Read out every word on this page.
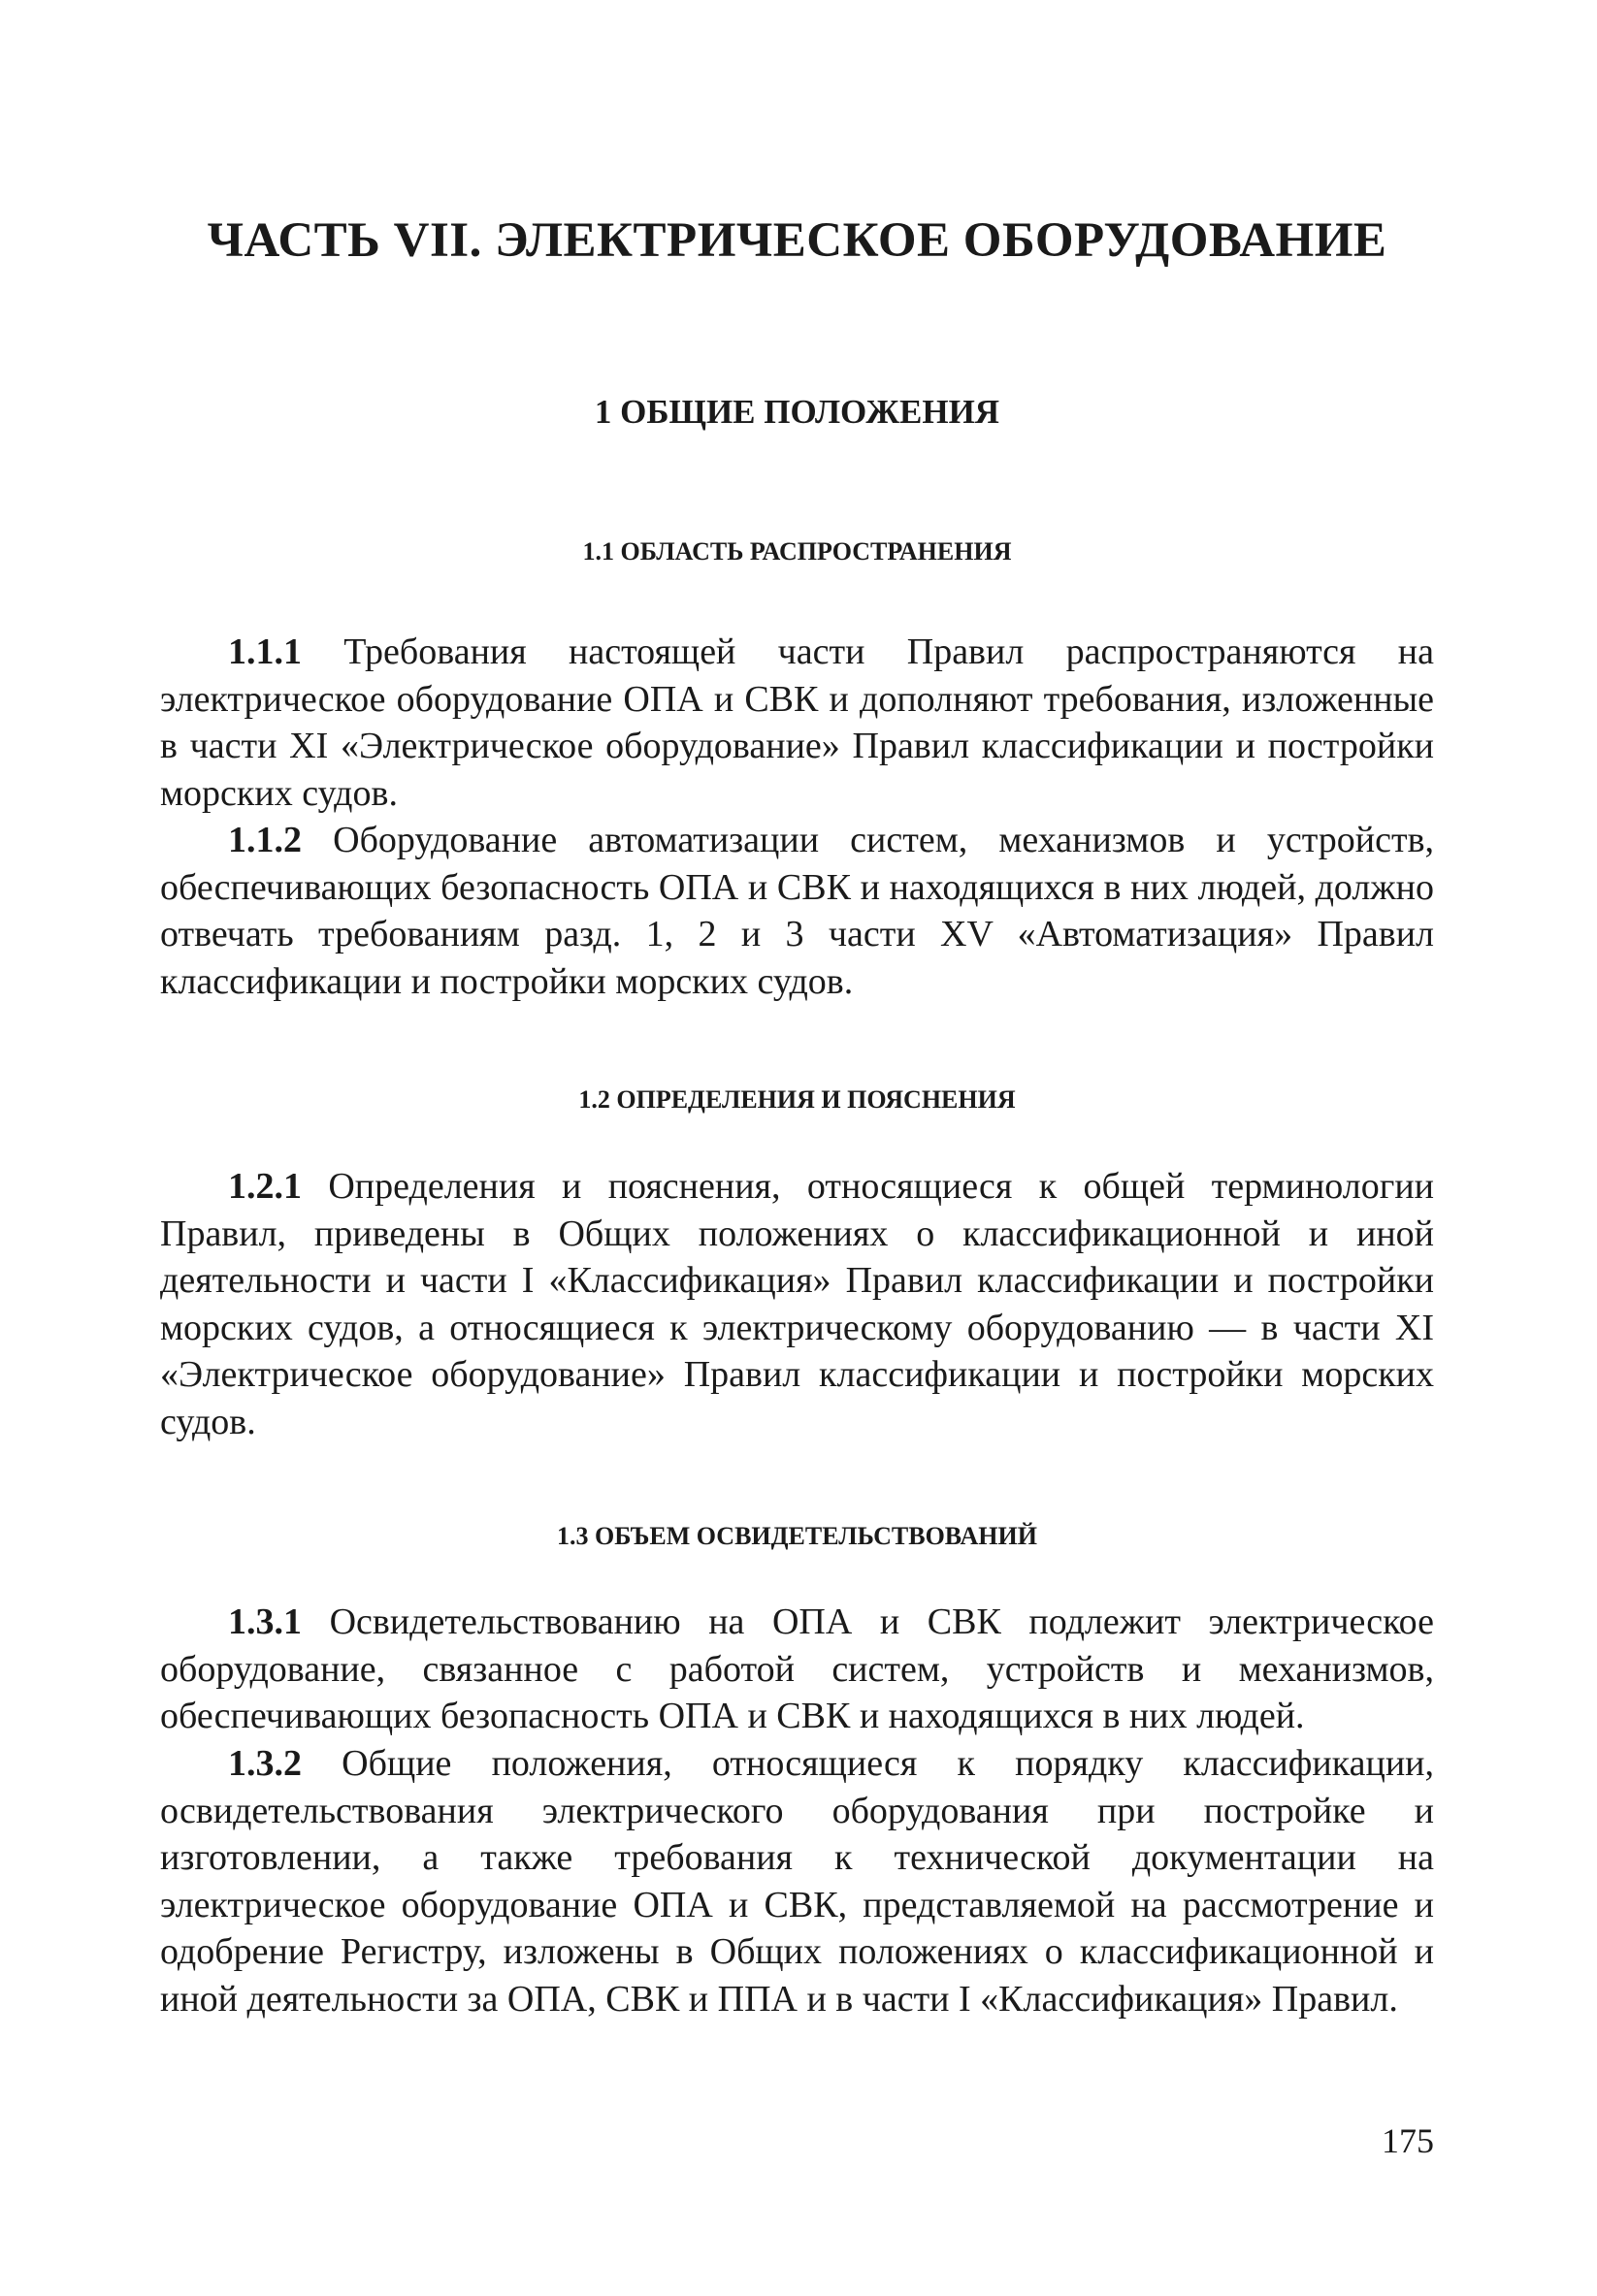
ЧАСТЬ VII. ЭЛЕКТРИЧЕСКОЕ ОБОРУДОВАНИЕ
1 ОБЩИЕ ПОЛОЖЕНИЯ
1.1 ОБЛАСТЬ РАСПРОСТРАНЕНИЯ

1.1.1 Требования настоящей части Правил распространяются на электрическое оборудование ОПА и СВК и дополняют требования, изложенные в части XI «Электрическое оборудование» Правил классификации и постройки морских судов.

1.1.2 Оборудование автоматизации систем, механизмов и устройств, обеспечивающих безопасность ОПА и СВК и находящихся в них людей, должно отвечать требованиям разд. 1, 2 и 3 части XV «Автоматизация» Правил классификации и постройки морских судов.

1.2 ОПРЕДЕЛЕНИЯ И ПОЯСНЕНИЯ

1.2.1 Определения и пояснения, относящиеся к общей терминологии Правил, приведены в Общих положениях о классификационной и иной деятельности и части I «Классификация» Правил классификации и постройки морских судов, а относящиеся к электрическому оборудованию — в части XI «Электрическое оборудование» Правил классификации и постройки морских судов.

1.3 ОБЪЕМ ОСВИДЕТЕЛЬСТВОВАНИЙ

1.3.1 Освидетельствованию на ОПА и СВК подлежит электрическое оборудование, связанное с работой систем, устройств и механизмов, обеспечивающих безопасность ОПА и СВК и находящихся в них людей.

1.3.2 Общие положения, относящиеся к порядку классификации, освидетельствования электрического оборудования при постройке и изготовлении, а также требования к технической документации на электрическое оборудование ОПА и СВК, представляемой на рассмотрение и одобрение Регистру, изложены в Общих положениях о классификационной и иной деятельности за ОПА, СВК и ППА и в части I «Классификация» Правил.

175
